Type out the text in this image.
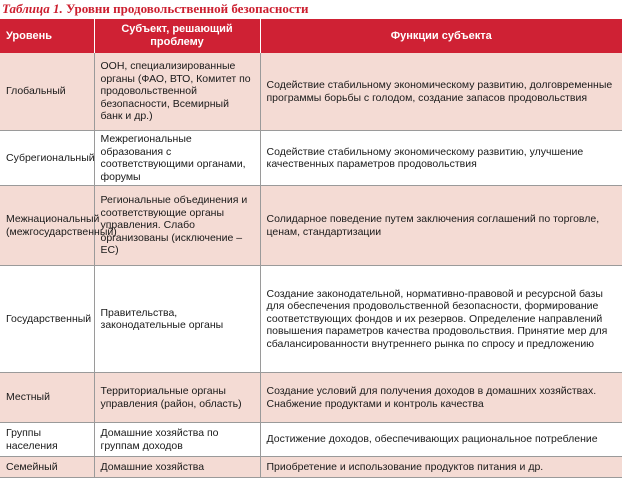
Таблица 1. Уровни продовольственной безопасности
Уровень	Субъект, решающий проблему	Функции субъекта
Глобальный	ООН, специализированные органы (ФАО, ВТО, Комитет по продовольственной безопасности, Всемирный банк и др.)	Содействие стабильному экономическому развитию, долговременные программы борьбы с голодом, создание запасов продовольствия
Субрегиональный	Межрегиональные образования с соответствующими органами, форумы	Содействие стабильному экономическому развитию, улучшение качественных параметров продовольствия
Межнациональный (межгосударственный)	Региональные объединения и соответствующие органы управления. Слабо организованы (исключение – ЕС)	Солидарное поведение путем заключения соглашений по торговле, ценам, стандартизации
Государственный	Правительства, законодательные органы	Создание законодательной, нормативно-правовой и ресурсной базы для обеспечения продовольственной безопасности, формирование соответствующих фондов и их резервов. Определение направлений повышения параметров качества продовольствия. Принятие мер для сбалансированности внутреннего рынка по спросу и предложению
Местный	Территориальные органы управления (район, область)	Создание условий для получения доходов в домашних хозяйствах. Снабжение продуктами и контроль качества
Группы населения	Домашние хозяйства по группам доходов	Достижение доходов, обеспечивающих рациональное потребление
Семейный	Домашние хозяйства	Приобретение и использование продуктов питания и др.
